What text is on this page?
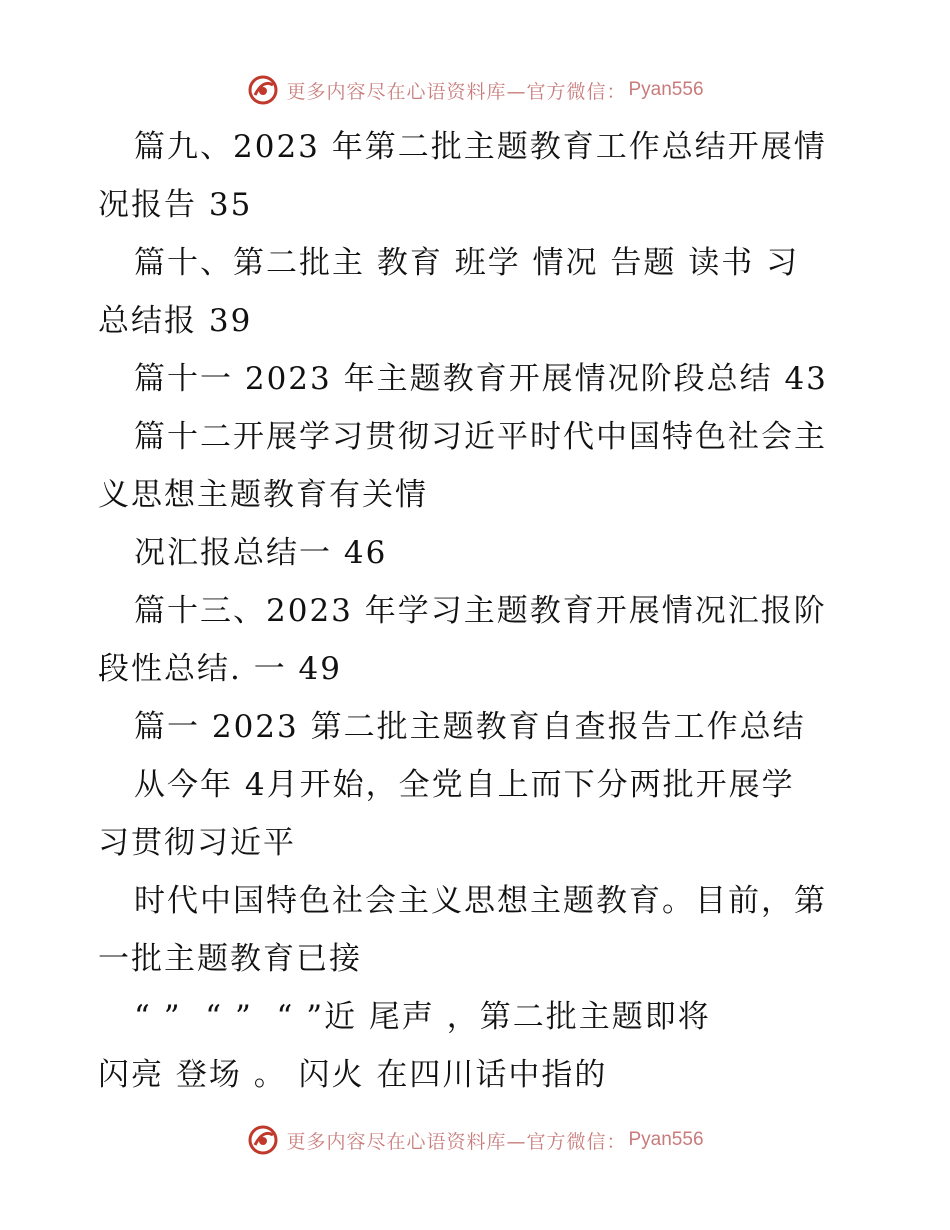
更多内容尽在心语资料库—官方微信： Pyan556
篇九、2023 年第二批主题教育工作总结开展情
况报告 35
篇十、第二批主 教育 班学 情况 告题 读书 习
总结报 39
篇十一 2023 年主题教育开展情况阶段总结 43
篇十二开展学习贯彻习近平时代中国特色社会主
义思想主题教育有关情
况汇报总结一 46
篇十三、2023 年学习主题教育开展情况汇报阶
段性总结. 一 49
篇一 2023 第二批主题教育自查报告工作总结
从今年 4月开始，全党自上而下分两批开展学
习贯彻习近平
时代中国特色社会主义思想主题教育。目前，第
一批主题教育已接
“ ”  “ ”  “ ”近 尾声 ，第二批主题即将
闪亮 登场 。 闪火 在四川话中指的
更多内容尽在心语资料库—官方微信： Pyan556
